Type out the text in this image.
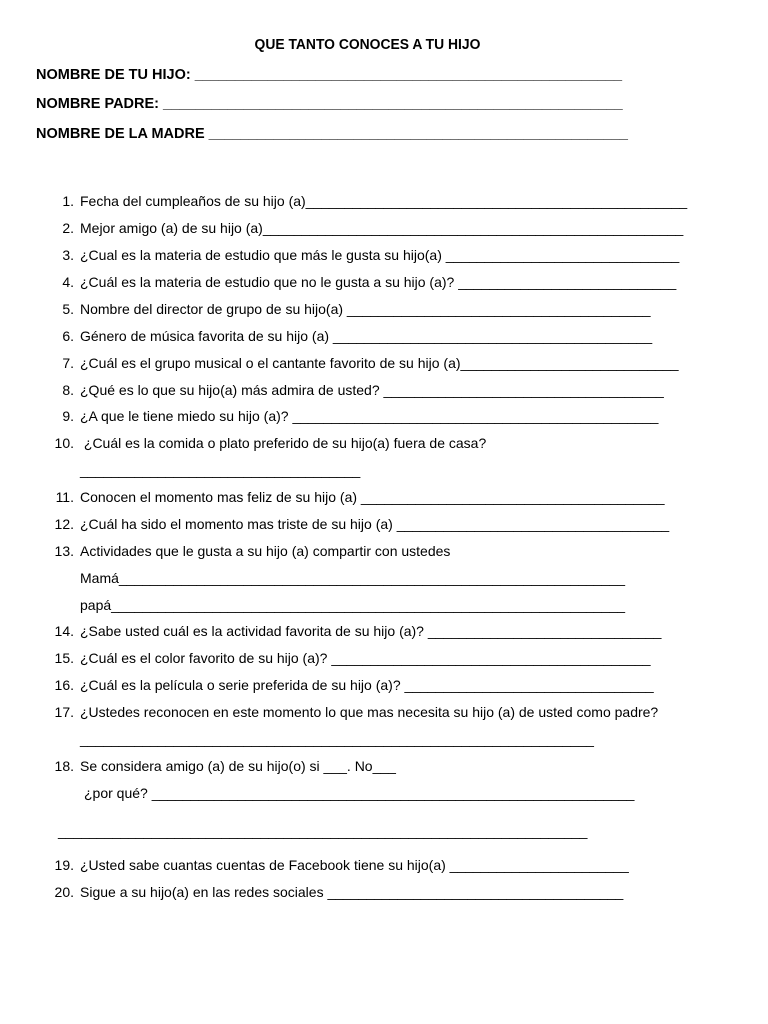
QUE TANTO CONOCES A TU HIJO
NOMBRE DE TU HIJO: _____________________________________________________
NOMBRE PADRE: _________________________________________________________
NOMBRE DE LA MADRE ____________________________________________________
1. Fecha del cumpleaños de su hijo (a)_________________________________________________
2. Mejor amigo (a) de su hijo (a)______________________________________________________
3. ¿Cual es la materia de estudio que más le gusta su hijo(a) ______________________________
4. ¿Cuál es la materia de estudio que no le gusta a su hijo (a)? ____________________________
5. Nombre del director de grupo de su hijo(a) _______________________________________
6. Género de música favorita de su hijo (a) _________________________________________
7. ¿Cuál es el grupo musical o el cantante favorito de su hijo (a)____________________________
8. ¿Qué es lo que su hijo(a) más admira de usted? ____________________________________
9. ¿A que le tiene miedo su hijo (a)? _______________________________________________
10. ¿Cuál es la comida o plato preferido de su hijo(a) fuera de casa?
____________________________________
11. Conocen el momento mas feliz de su hijo (a) _______________________________________
12. ¿Cuál ha sido el momento mas triste de su hijo (a) ___________________________________
13. Actividades que le gusta a su hijo (a) compartir con ustedes
Mamá_________________________________________________________________
papá__________________________________________________________________
14. ¿Sabe usted cuál es la actividad favorita de su hijo (a)? ______________________________
15. ¿Cuál es el color favorito de su hijo (a)? _________________________________________
16. ¿Cuál es la película o serie preferida de su hijo (a)? ________________________________
17. ¿Ustedes reconocen en este momento lo que mas necesita su hijo (a) de usted como padre?
__________________________________________________________________
18. Se considera amigo (a) de su hijo(o) si ___. No___
¿por qué? ______________________________________________________________
____________________________________________________________________
19. ¿Usted sabe cuantas cuentas de Facebook tiene su hijo(a) _______________________
20. Sigue a su hijo(a) en las redes sociales ______________________________________
